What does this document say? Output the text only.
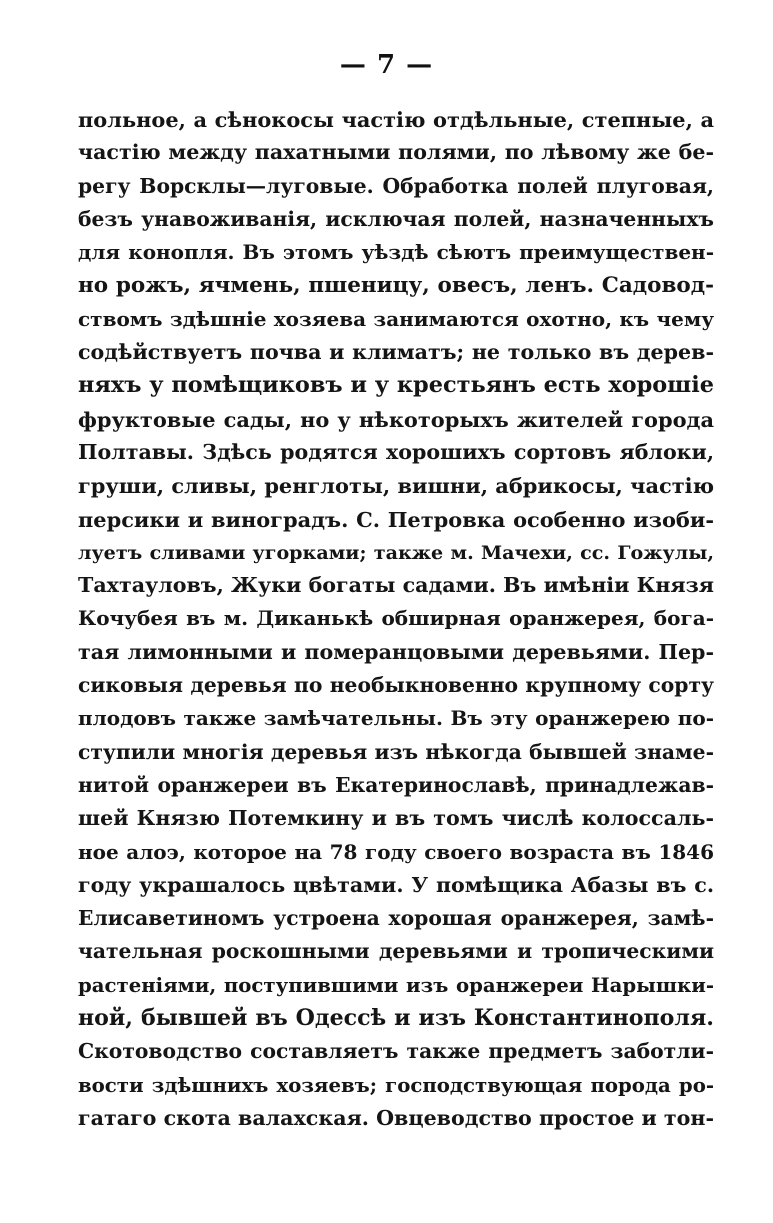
— 7 —
польное, а сѣнокосы частію отдѣльные, степные, а
частію между пахатными полями, по лѣвому же бе-
регу Ворсклы—луговые. Обработка полей плуговая,
безъ унавоживанія, исключая полей, назначенныхъ
для конопля. Въ этомъ уѣздѣ сѣютъ преимуществен-
но рожъ, ячмень, пшеницу, овесъ, ленъ. Садовод-
ствомъ здѣшніе хозяева занимаются охотно, къ чему
содѣйствуетъ почва и климатъ; не только въ дерев-
няхъ у помѣщиковъ и у крестьянъ есть хорошіе
фруктовые сады, но у нѣкоторыхъ жителей города
Полтавы. Здѣсь родятся хорошихъ сортовъ яблоки,
груши, сливы, ренглоты, вишни, абрикосы, частію
персики и виноградъ. С. Петровка особенно изоби-
луетъ сливами угорками; также м. Мачехи, сс. Гожулы,
Тахтауловъ, Жуки богаты садами. Въ имѣніи Князя
Кочубея въ м. Диканькѣ обширная оранжерея, бога-
тая лимонными и померанцовыми деревьями. Пер-
сиковыя деревья по необыкновенно крупному сорту
плодовъ также замѣчательны. Въ эту оранжерею по-
ступили многія деревья изъ нѣкогда бывшей знаме-
нитой оранжереи въ Екатеринославѣ, принадлежав-
шей Князю Потемкину и въ томъ числѣ колоссаль-
ное алоэ, которое на 78 году своего возраста въ 1846
году украшалось цвѣтами. У помѣщика Абазы въ с.
Елисаветиномъ устроена хорошая оранжерея, замѣ-
чательная роскошными деревьями и тропическими
растеніями, поступившими изъ оранжереи Нарышки-
ной, бывшей въ Одессѣ и изъ Константинополя.
Скотоводство составляетъ также предметъ заботли-
вости здѣшнихъ хозяевъ; господствующая порода ро-
гатаго скота валахская. Овцеводство простое и тон-
